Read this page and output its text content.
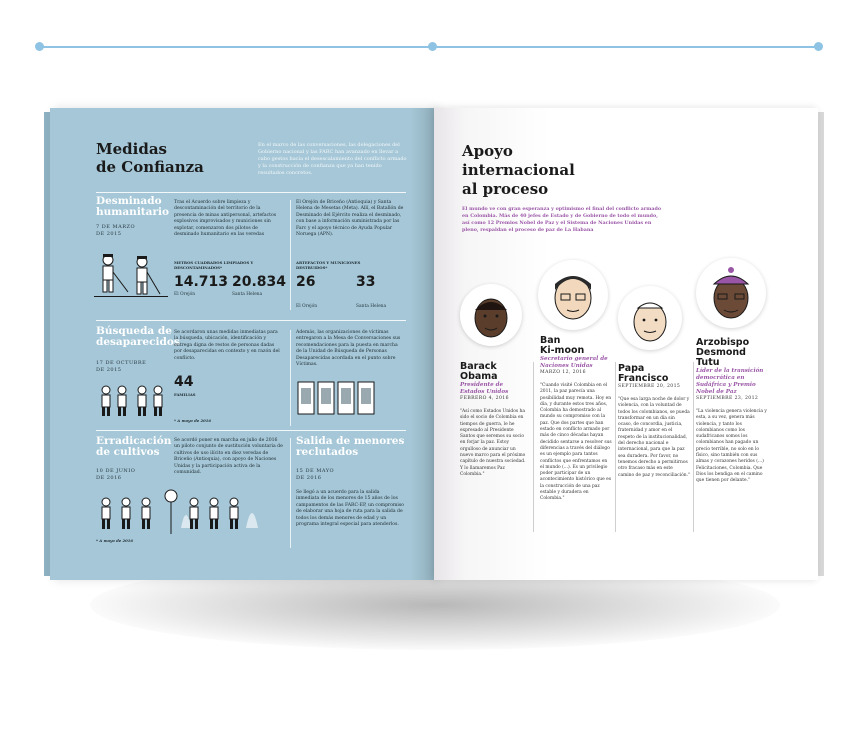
Medidas
de Confianza
En el marco de las conversaciones, las delegaciones del Gobierno nacional y las FARC han avanzado en llevar a cabo gestos hacia el desescalamiento del conflicto armado y la construcción de confianza que ya han tenido resultados concretos.
Desminado
humanitario
7 DE MARZO
DE 2015
Tras el Acuerdo sobre limpieza y descontaminación del territorio de la presencia de minas antipersonal, artefactos explosivos improvisados y municiones sin explotar, comenzaron dos pilotos de desminado humanitario en las veredas
El Orejón de Briceño (Antioquia) y Santa Helena de Mesetas (Meta). Allí, el Batallón de Desminado del Ejército realiza el desminado, con base a información suministrada por las Farc y el apoyo técnico de Ayuda Popular Noruega (APN).
METROS CUADRADOS LIMPIADOS Y DESCONTAMINADOS*
14.713
El Orejón
20.834
Santa Helena
ARTEFACTOS Y MUNICIONES DESTRUIDOS*
26
El Orejón
33
Santa Helena
Búsqueda de
desaparecidos
17 DE OCTUBRE
DE 2015
Se acordaron unas medidas inmediatas para la búsqueda, ubicación, identificación y entrega digna de restos de personas dadas por desaparecidas en contexto y en razón del conflicto.
Además, las organizaciones de víctimas entregaron a la Mesa de Conversaciones sus recomendaciones para la puesta en marcha de la Unidad de Búsqueda de Personas Desaparecidas acordada en el punto sobre Víctimas.
44
FAMILIAS
* A mayo de 2016
Erradicación
de cultivos
10 DE JUNIO
DE 2016
Se acordó poner en marcha en julio de 2016 un piloto conjunto de sustitución voluntaria de cultivos de uso ilícito en diez veredas de Briceño (Antioquia), con apoyo de Naciones Unidas y la participación activa de la comunidad.
* A mayo de 2016
Salida de menores
reclutados
15 DE MAYO
DE 2016
Se llegó a un acuerdo para la salida inmediata de los menores de 15 años de los campamentos de las FARC-EP, un compromiso de elaborar una hoja de ruta para la salida de todos los demás menores de edad y un programa integral especial para atenderlos.
Apoyo
internacional
al proceso
El mundo ve con gran esperanza y optimismo el final del conflicto armado en Colombia. Más de 40 jefes de Estado y de Gobierno de todo el mundo, así como 12 Premios Nobel de Paz y el Sistema de Naciones Unidas en pleno, respaldan el proceso de paz de La Habana
Barack
Obama
Presidente de Estados Unidos
FEBRERO 4, 2016
"Así como Estados Unidos ha sido el socio de Colombia en tiempos de guerra, le he expresado al Presidente Santos que seremos su socio en forjar la paz. Estoy orgulloso de anunciar un nuevo marco para el próximo capítulo de nuestra sociedad. Y lo llamaremos Paz Colombia."
Ban
Ki-moon
Secretario general de Naciones Unidas
MARZO 12, 2016
"Cuando visité Colombia en el 2011, la paz parecía una posibilidad muy remota. Hoy en día, y durante estos tres años, Colombia ha demostrado al mundo su compromiso con la paz. Que dos partes que han estado en conflicto armado por más de cinco décadas hayan decidido sentarse a resolver sus diferencias a través del diálogo es un ejemplo para tantos conflictos que enfrentamos en el mundo (...). Es un privilegio poder participar de un acontecimiento histórico que es la construcción de una paz estable y duradera en Colombia."
Papa
Francisco
SEPTIEMBRE 20, 2015
"Que esa larga noche de dolor y violencia, con la voluntad de todos los colombianos, se pueda transformar en un día sin ocaso, de concordia, justicia, fraternidad y amor en el respeto de la institucionalidad, del derecho nacional e internacional, para que la paz sea duradera. Por favor, no tenemos derecho a permitirnos otro fracaso más en este camino de paz y reconciliación."
Arzobispo
Desmond
Tutu
Líder de la transición democrática en Sudáfrica y Premio Nobel de Paz
SEPTIEMBRE 23, 2012
"La violencia genera violencia y esta, a su vez, genera más violencia, y tanto los colombianos como los sudafricanos somos los colombianos han pagado un precio terrible, no solo en lo físico, sino también con sus almas y corazones heridos (...) Felicitaciones, Colombia. Que Dios los bendiga en el camino que tienen por delante."
